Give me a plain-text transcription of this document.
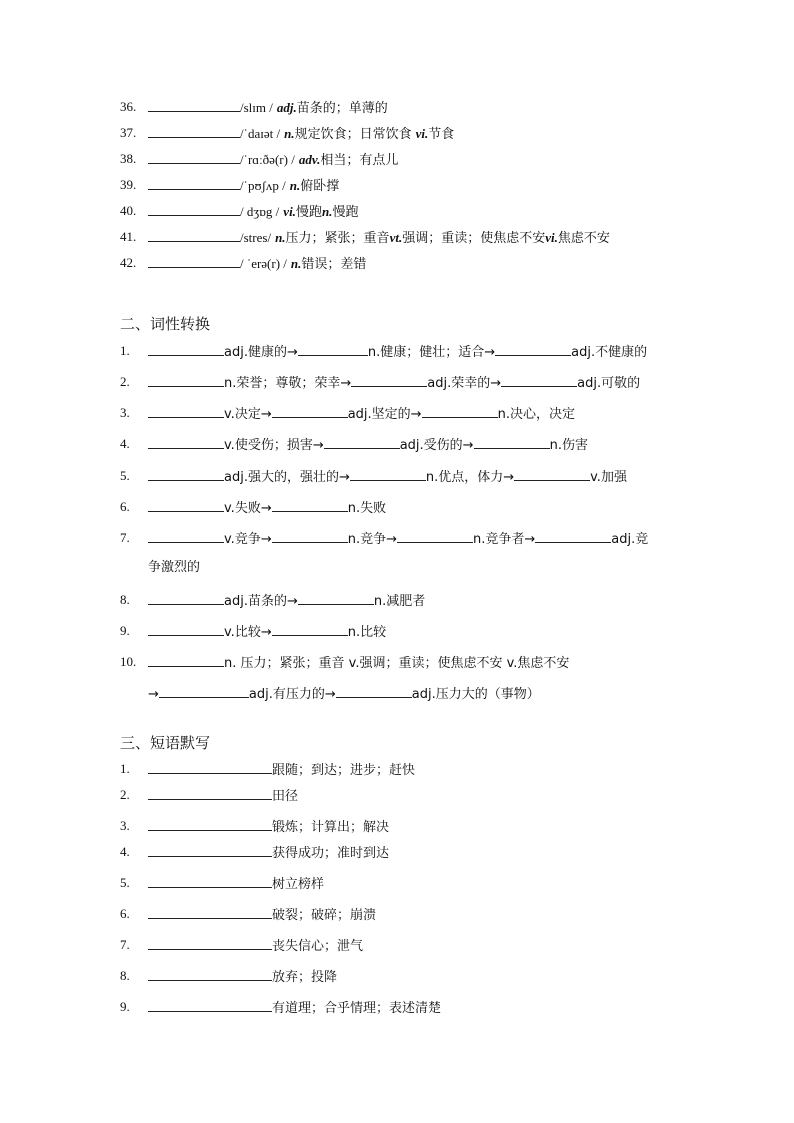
36.	/slɪm / adj. 苗条的；单薄的
37.	/ˈdaɪət / n. 规定饮食；日常饮食 vi. 节食
38.	/ˈrɑːðə(r) / adv. 相当；有点儿
39.	/ˈpʊʃʌp / n. 俯卧撑
40.	/ dʒɒg / vi. 慢跑 n. 慢跑
41.	/stres/ n. 压力；紧张；重音 vt. 强调；重读；使焦虑不安 vi. 焦虑不安
42.	/ ˈerə(r) / n. 错误；差错
二、词性转换
1.	adj.健康的→	n.健康；健壮；适合→	adj.不健康的
2.	n.荣誉；尊敬；荣幸→	adj.荣幸的→	adj.可敬的
3.	v.决定→	adj.坚定的→	n.决心，决定
4.	v.使受伤；损害→	adj.受伤的→	n.伤害
5.	adj.强大的，强壮的→	n.优点，体力→	v.加强
6.	v.失败→	n.失败
7.	v.竞争→	n.竞争→	n.竞争者→	adj.竞
争激烈的
8.	adj.苗条的→	n.减肥者
9.	v.比较→	n.比较
10.	n. 压力；紧张；重音 v.强调；重读；使焦虑不安 v.焦虑不安
→	adj.有压力的→	adj.压力大的（事物）
三、短语默写
1.	跟随；到达；进步；赶快
2.	田径
3.	锻炼；计算出；解决
4.	获得成功；准时到达
5.	树立榜样
6.	破裂；破碎；崩溃
7.	丧失信心；泄气
8.	放弃；投降
9.	有道理；合乎情理；表述清楚
